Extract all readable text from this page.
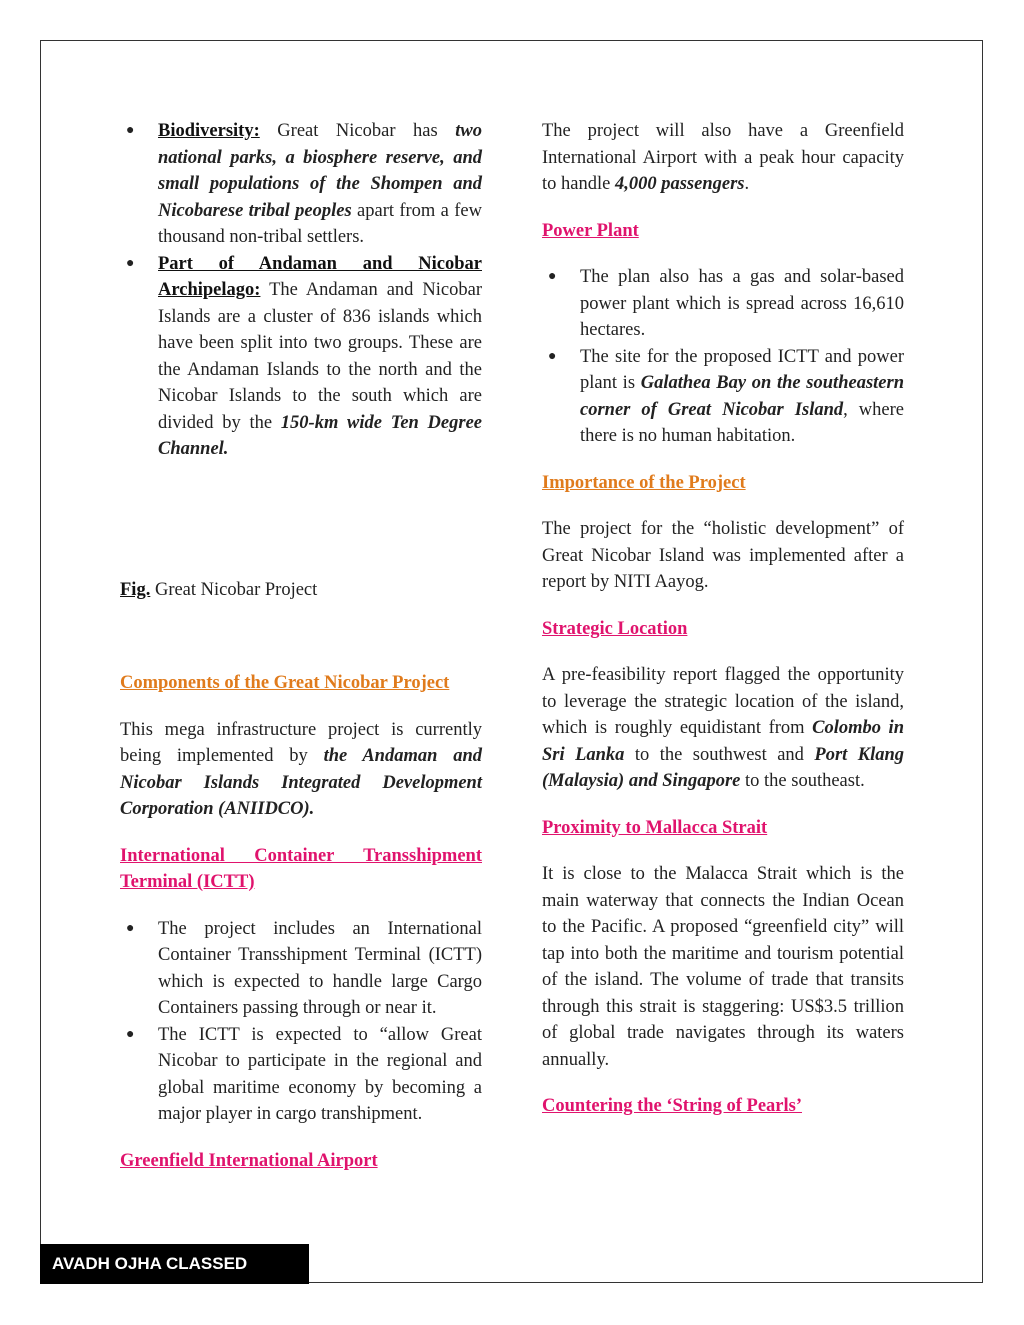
● Biodiversity: Great Nicobar has two national parks, a biosphere reserve, and small populations of the Shompen and Nicobarese tribal peoples apart from a few thousand non-tribal settlers.
● Part of Andaman and Nicobar Archipelago: The Andaman and Nicobar Islands are a cluster of 836 islands which have been split into two groups. These are the Andaman Islands to the north and the Nicobar Islands to the south which are divided by the 150-km wide Ten Degree Channel.

Fig. Great Nicobar Project

Components of the Great Nicobar Project

This mega infrastructure project is currently being implemented by the Andaman and Nicobar Islands Integrated Development Corporation (ANIIDCO).

International Container Transshipment Terminal (ICTT)

● The project includes an International Container Transshipment Terminal (ICTT) which is expected to handle large Cargo Containers passing through or near it.
● The ICTT is expected to “allow Great Nicobar to participate in the regional and global maritime economy by becoming a major player in cargo transhipment.

Greenfield International Airport

The project will also have a Greenfield International Airport with a peak hour capacity to handle 4,000 passengers.

Power Plant

● The plan also has a gas and solar-based power plant which is spread across 16,610 hectares.
● The site for the proposed ICTT and power plant is Galathea Bay on the southeastern corner of Great Nicobar Island, where there is no human habitation.

Importance of the Project

The project for the “holistic development” of Great Nicobar Island was implemented after a report by NITI Aayog.

Strategic Location

A pre-feasibility report flagged the opportunity to leverage the strategic location of the island, which is roughly equidistant from Colombo in Sri Lanka to the southwest and Port Klang (Malaysia) and Singapore to the southeast.

Proximity to Mallacca Strait

It is close to the Malacca Strait which is the main waterway that connects the Indian Ocean to the Pacific. A proposed “greenfield city” will tap into both the maritime and tourism potential of the island. The volume of trade that transits through this strait is staggering: US$3.5 trillion of global trade navigates through its waters annually.

Countering the ‘String of Pearls’

AVADH OJHA CLASSED
